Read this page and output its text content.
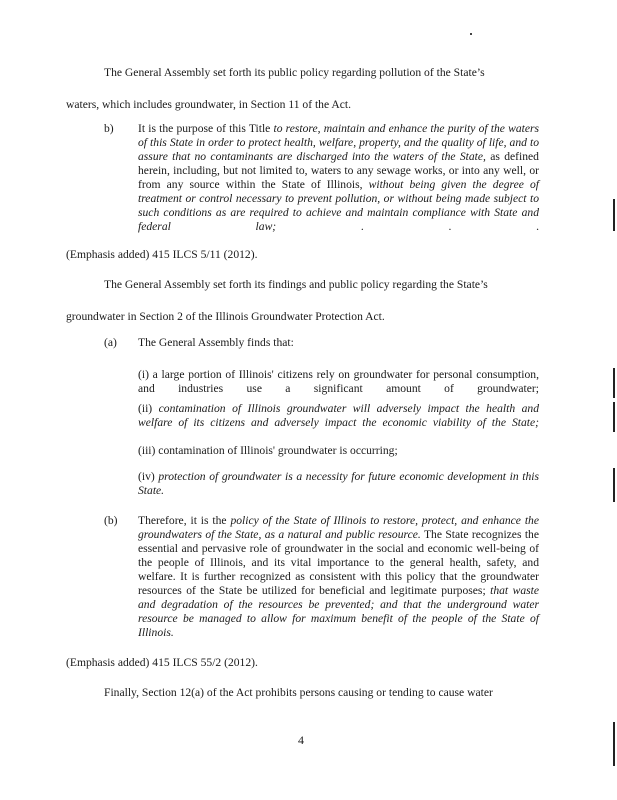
The General Assembly set forth its public policy regarding pollution of the State’s
waters, which includes groundwater, in Section 11 of the Act.
b) It is the purpose of this Title to restore, maintain and enhance the purity of the waters of this State in order to protect health, welfare, property, and the quality of life, and to assure that no contaminants are discharged into the waters of the State, as defined herein, including, but not limited to, waters to any sewage works, or into any well, or from any source within the State of Illinois, without being given the degree of treatment or control necessary to prevent pollution, or without being made subject to such conditions as are required to achieve and maintain compliance with State and federal law; . . .
(Emphasis added) 415 ILCS 5/11 (2012).
The General Assembly set forth its findings and public policy regarding the State’s
groundwater in Section 2 of the Illinois Groundwater Protection Act.
(a) The General Assembly finds that:
(i) a large portion of Illinois' citizens rely on groundwater for personal consumption, and industries use a significant amount of groundwater;
(ii) contamination of Illinois groundwater will adversely impact the health and welfare of its citizens and adversely impact the economic viability of the State;
(iii) contamination of Illinois' groundwater is occurring;
(iv) protection of groundwater is a necessity for future economic development in this State.
(b) Therefore, it is the policy of the State of Illinois to restore, protect, and enhance the groundwaters of the State, as a natural and public resource. The State recognizes the essential and pervasive role of groundwater in the social and economic well-being of the people of Illinois, and its vital importance to the general health, safety, and welfare. It is further recognized as consistent with this policy that the groundwater resources of the State be utilized for beneficial and legitimate purposes; that waste and degradation of the resources be prevented; and that the underground water resource be managed to allow for maximum benefit of the people of the State of Illinois.
(Emphasis added) 415 ILCS 55/2 (2012).
Finally, Section 12(a) of the Act prohibits persons causing or tending to cause water
4
